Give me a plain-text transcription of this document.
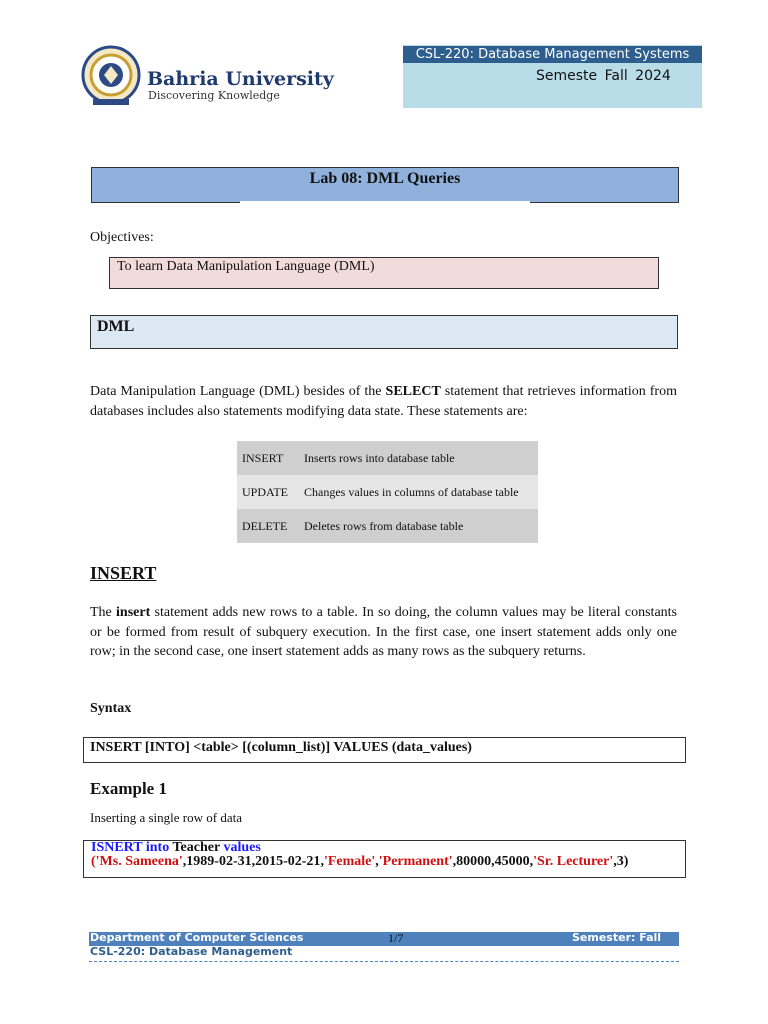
Bahria University
Discovering Knowledge
CSL-220: Database Management Systems
Semeste Fall 2024
Lab 08: DML Queries
Objectives:
To learn Data Manipulation Language (DML)
DML
Data Manipulation Language (DML) besides of the SELECT statement that retrieves information from databases includes also statements modifying data state. These statements are:
INSERT	Inserts rows into database table
UPDATE	Changes values in columns of database table
DELETE	Deletes rows from database table
INSERT
The insert statement adds new rows to a table. In so doing, the column values may be literal constants or be formed from result of subquery execution. In the first case, one insert statement adds only one row; in the second case, one insert statement adds as many rows as the subquery returns.
Syntax
INSERT [INTO] <table> [(column_list)] VALUES (data_values)
Example 1
Inserting a single row of data
ISNERT into Teacher values
('Ms. Sameena',1989-02-31,2015-02-21,'Female','Permanent',80000,45000,'Sr. Lecturer',3)
Department of Computer Sciences	1/7	Semester: Fall
CSL-220: Database Management
